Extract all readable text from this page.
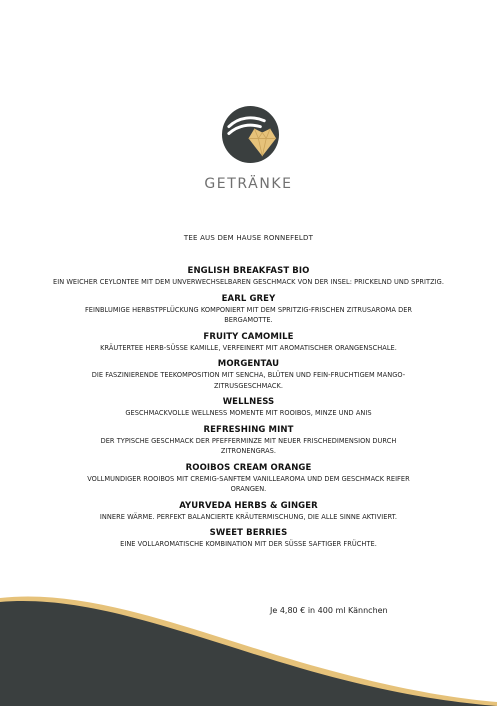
GETRÄNKE
TEE AUS DEM HAUSE RONNEFELDT
ENGLISH BREAKFAST BIO
EIN WEICHER CEYLONTEE MIT DEM UNVERWECHSELBAREN GESCHMACK VON DER INSEL: PRICKELND UND SPRITZIG.
EARL GREY
FEINBLUMIGE HERBSTPFLÜCKUNG KOMPONIERT MIT DEM SPRITZIG-FRISCHEN ZITRUSAROMA DER BERGAMOTTE.
FRUITY CAMOMILE
KRÄUTERTEE HERB-SÜSSE KAMILLE, VERFEINERT MIT AROMATISCHER ORANGENSCHALE.
MORGENTAU
DIE FASZINIERENDE TEEKOMPOSITION MIT SENCHA, BLÜTEN UND FEIN-FRUCHTIGEM MANGO-ZITRUSGESCHMACK.
WELLNESS
GESCHMACKVOLLE WELLNESS MOMENTE MIT ROOIBOS, MINZE UND ANIS
REFRESHING MINT
DER TYPISCHE GESCHMACK DER PFEFFERMINZE MIT NEUER FRISCHEDIMENSION DURCH ZITRONENGRAS.
ROOIBOS CREAM ORANGE
VOLLMUNDIGER ROOIBOS MIT CREMIG-SANFTEM VANILLEAROMA UND DEM GESCHMACK REIFER ORANGEN.
AYURVEDA HERBS & GINGER
INNERE WÄRME. PERFEKT BALANCIERTE KRÄUTERMISCHUNG, DIE ALLE SINNE AKTIVIERT.
SWEET BERRIES
EINE VOLLAROMATISCHE KOMBINATION MIT DER SÜSSE SAFTIGER FRÜCHTE.
Je 4,80 € in 400 ml Kännchen
